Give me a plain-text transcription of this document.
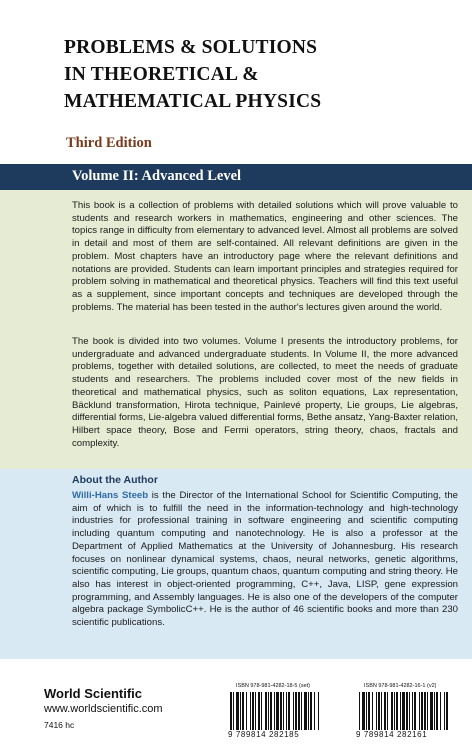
PROBLEMS & SOLUTIONS
IN THEORETICAL &
MATHEMATICAL PHYSICS
Third Edition
Volume II: Advanced Level

This book is a collection of problems with detailed solutions which will prove valuable to students and research workers in mathematics, engineering and other sciences. The topics range in difficulty from elementary to advanced level. Almost all problems are solved in detail and most of them are self-contained. All relevant definitions are given in the problem. Most chapters have an introductory page where the relevant definitions and notations are provided. Students can learn important principles and strategies required for problem solving in mathematical and theoretical physics. Teachers will find this text useful as a supplement, since important concepts and techniques are developed through the problems. The material has been tested in the author's lectures given around the world.

The book is divided into two volumes. Volume I presents the introductory problems, for undergraduate and advanced undergraduate students. In Volume II, the more advanced problems, together with detailed solutions, are collected, to meet the needs of graduate students and researchers. The problems included cover most of the new fields in theoretical and mathematical physics, such as soliton equations, Lax representation, Bäcklund transformation, Hirota technique, Painlevé property, Lie groups, Lie algebras, differential forms, Lie-algebra valued differential forms, Bethe ansatz, Yang-Baxter relation, Hilbert space theory, Bose and Fermi operators, string theory, chaos, fractals and complexity.

About the Author

Willi-Hans Steeb is the Director of the International School for Scientific Computing, the aim of which is to fulfill the need in the information-technology and high-technology industries for professional training in software engineering and scientific computing including quantum computing and nanotechnology. He is also a professor at the Department of Applied Mathematics at the University of Johannesburg. His research focuses on nonlinear dynamical systems, chaos, neural networks, genetic algorithms, scientific computing, Lie groups, quantum chaos, quantum computing and string theory. He also has interest in object-oriented programming, C++, Java, LISP, gene expression programming, and Assembly languages. He is also one of the developers of the computer algebra package SymbolicC++. He is the author of 46 scientific books and more than 230 scientific publications.

World Scientific
www.worldscientific.com
7416 hc
ISBN 978-981-4282-18-5 (set)
9 789814 282185
ISBN 978-981-4282-16-1 (v2)
9 789814 282161
